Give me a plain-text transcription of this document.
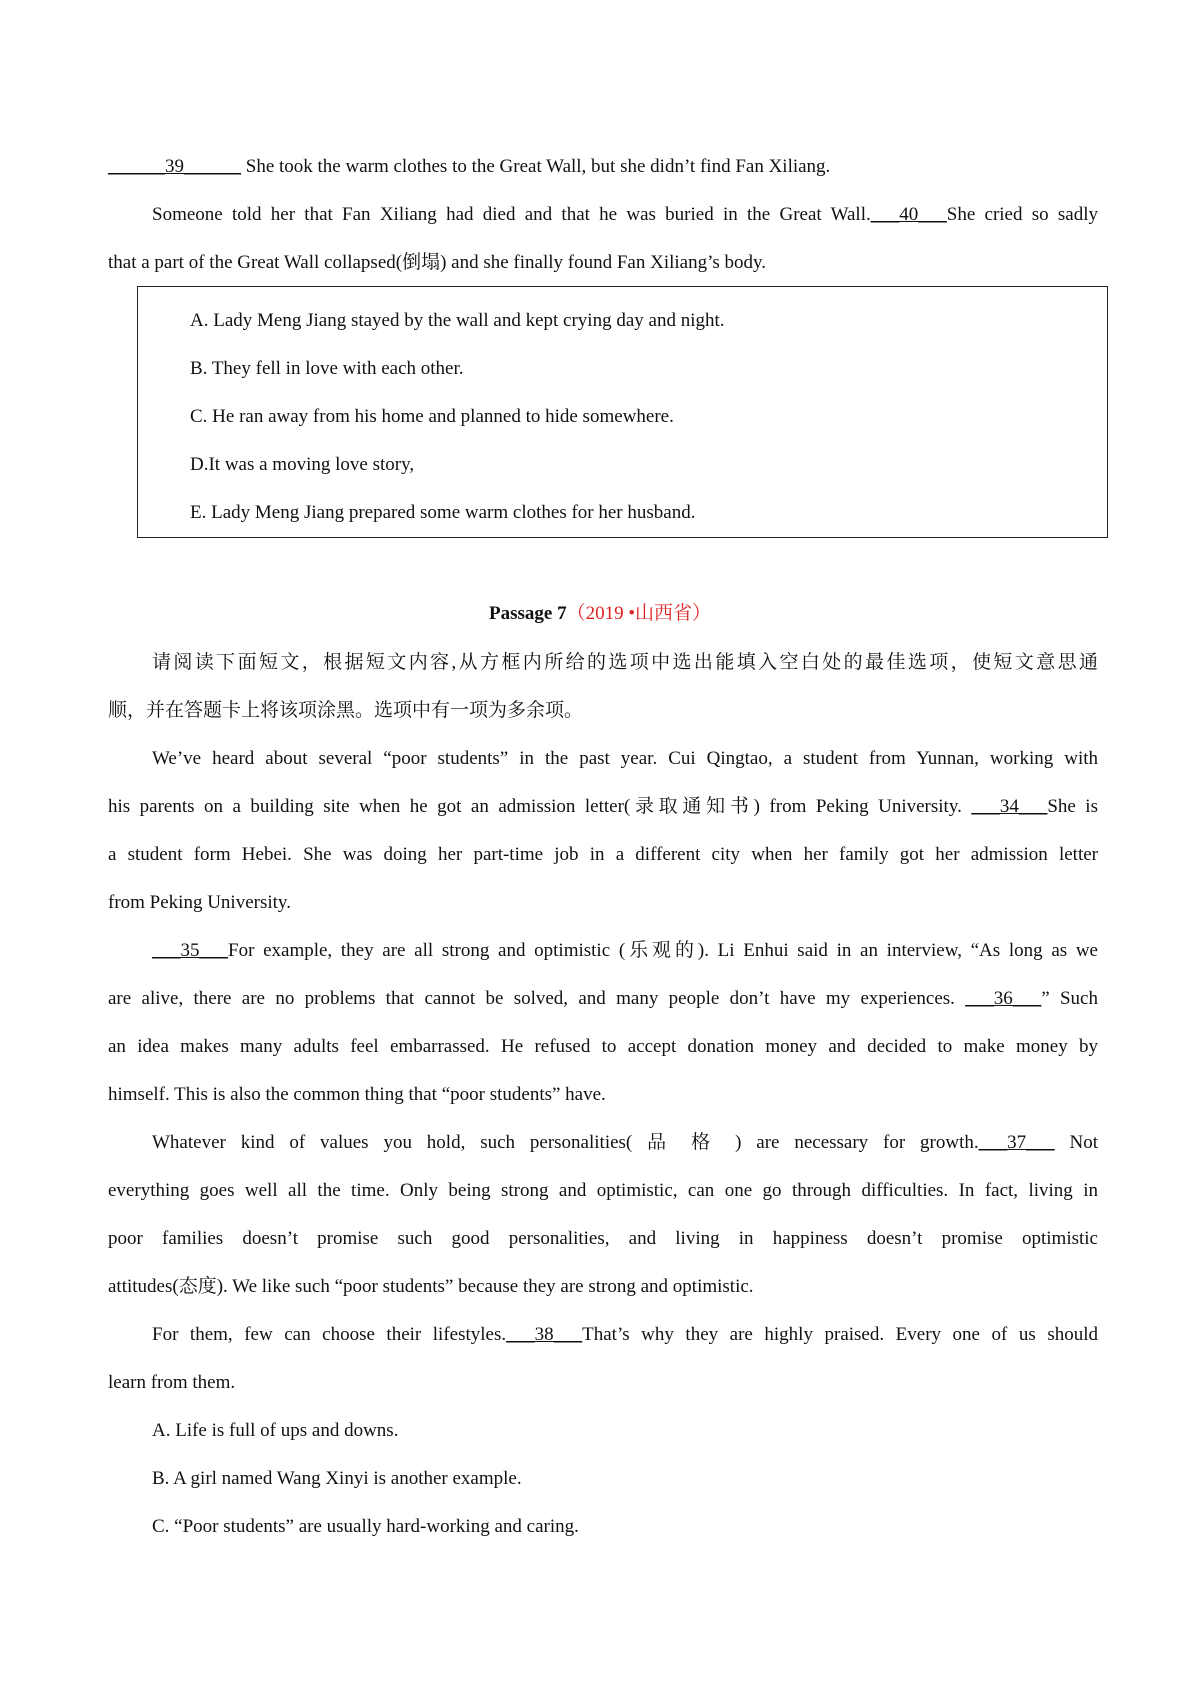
______39______ She took the warm clothes to the Great Wall, but she didn’t find Fan Xiliang.
Someone told her that Fan Xiliang had died and that he was buried in the Great Wall.___40___She cried so sadly
that a part of the Great Wall collapsed(倒塌) and she finally found Fan Xiliang’s body.
A. Lady Meng Jiang stayed by the wall and kept crying day and night.
B. They fell in love with each other.
C. He ran away from his home and planned to hide somewhere.
D.It was a moving love story,
E. Lady Meng Jiang prepared some warm clothes for her husband.
Passage 7（2019 •山西省）
请阅读下面短文，根据短文内容,从方框内所给的选项中选出能填入空白处的最佳选项，使短文意思通
顺，并在答题卡上将该项涂黑。选项中有一项为多余项。
We’ve heard about several “poor students” in the past year. Cui Qingtao, a student from Yunnan, working with
his parents on a building site when he got an admission letter(录取通知书) from Peking University. ___34___She is
a student form Hebei. She was doing her part-time job in a different city when her family got her admission letter
from Peking University.
___35___For example, they are all strong and optimistic (乐观的). Li Enhui said in an interview, “As long as we
are alive, there are no problems that cannot be solved, and many people don’t have my experiences. ___36___” Such
an idea makes many adults feel embarrassed. He refused to accept donation money and decided to make money by
himself. This is also the common thing that “poor students” have.
Whatever kind of values you hold, such personalities( 品 格 ) are necessary for growth.___37___ Not
everything goes well all the time. Only being strong and optimistic, can one go through difficulties. In fact, living in
poor families doesn’t promise such good personalities, and living in happiness doesn’t promise optimistic
attitudes(态度). We like such “poor students” because they are strong and optimistic.
For them, few can choose their lifestyles.___38___That’s why they are highly praised. Every one of us should
learn from them.
A. Life is full of ups and downs.
B. A girl named Wang Xinyi is another example.
C. “Poor students” are usually hard-working and caring.
